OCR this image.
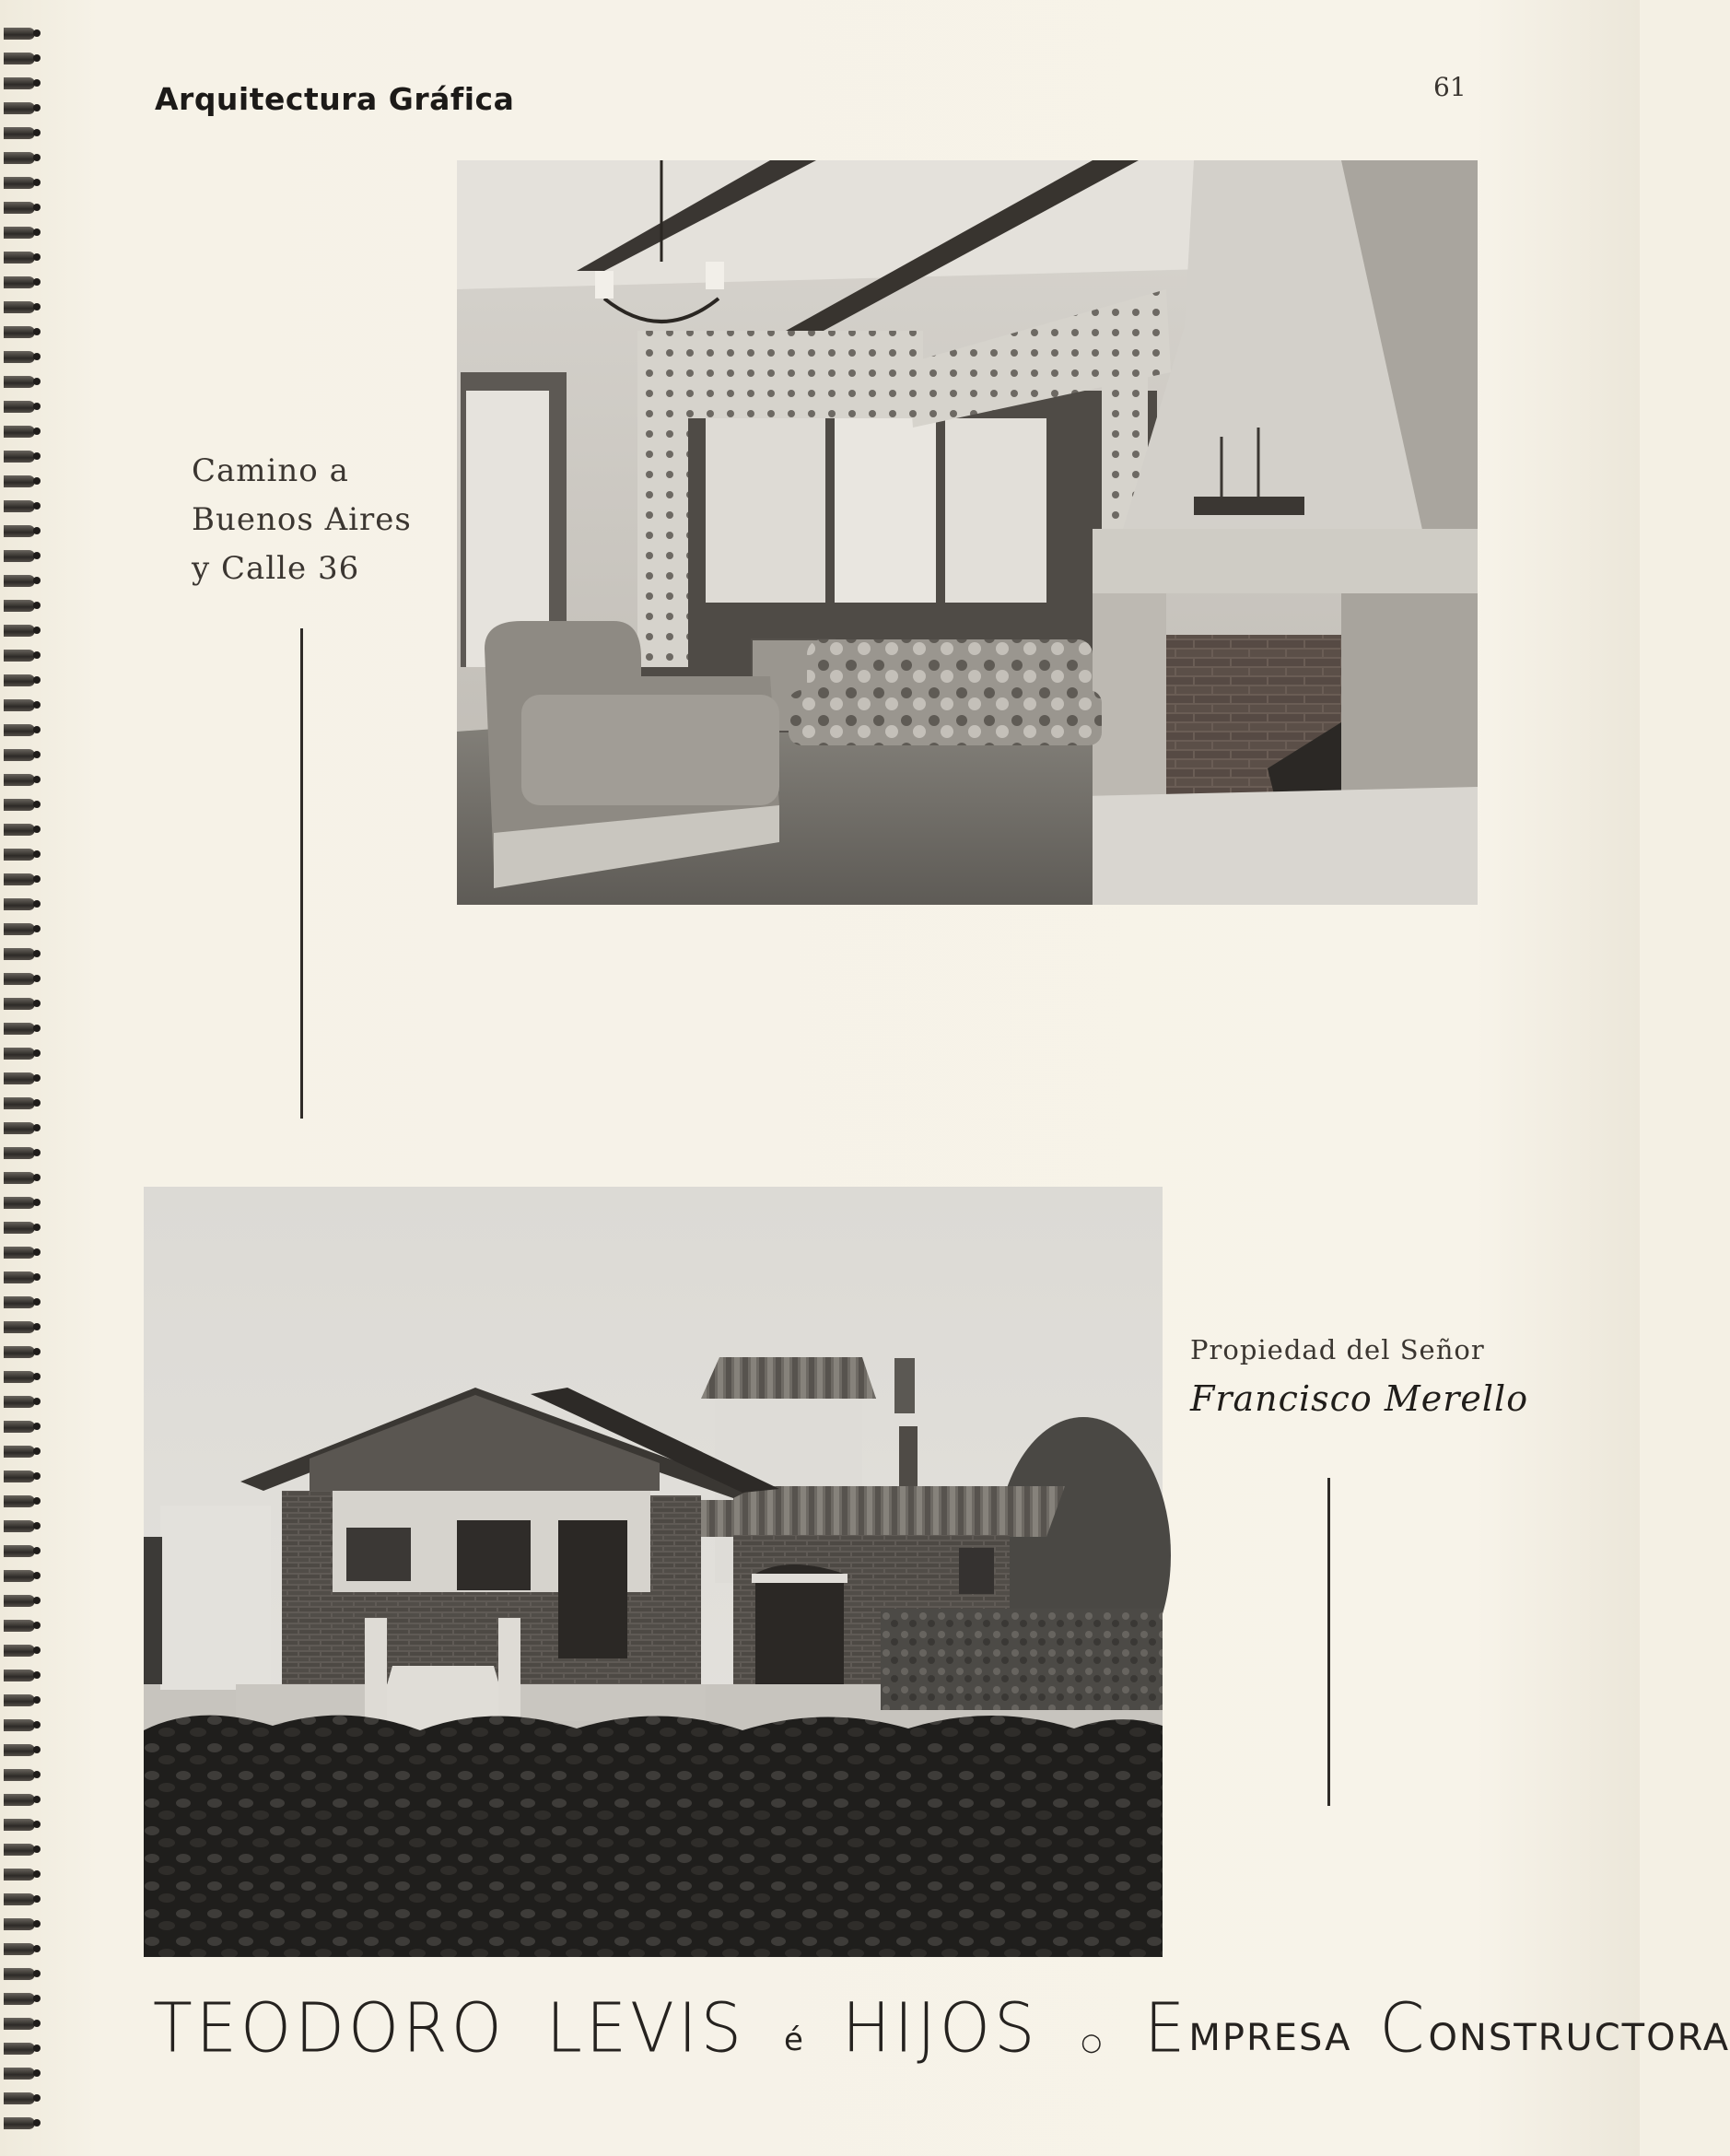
Arquitectura Gráfica	61
Camino a
Buenos Aires
y Calle 36
Propiedad del Señor
Francisco Merello
TEODORO LEVIS é HIJOS ○ E MPRESA C ONSTRUCTORA
